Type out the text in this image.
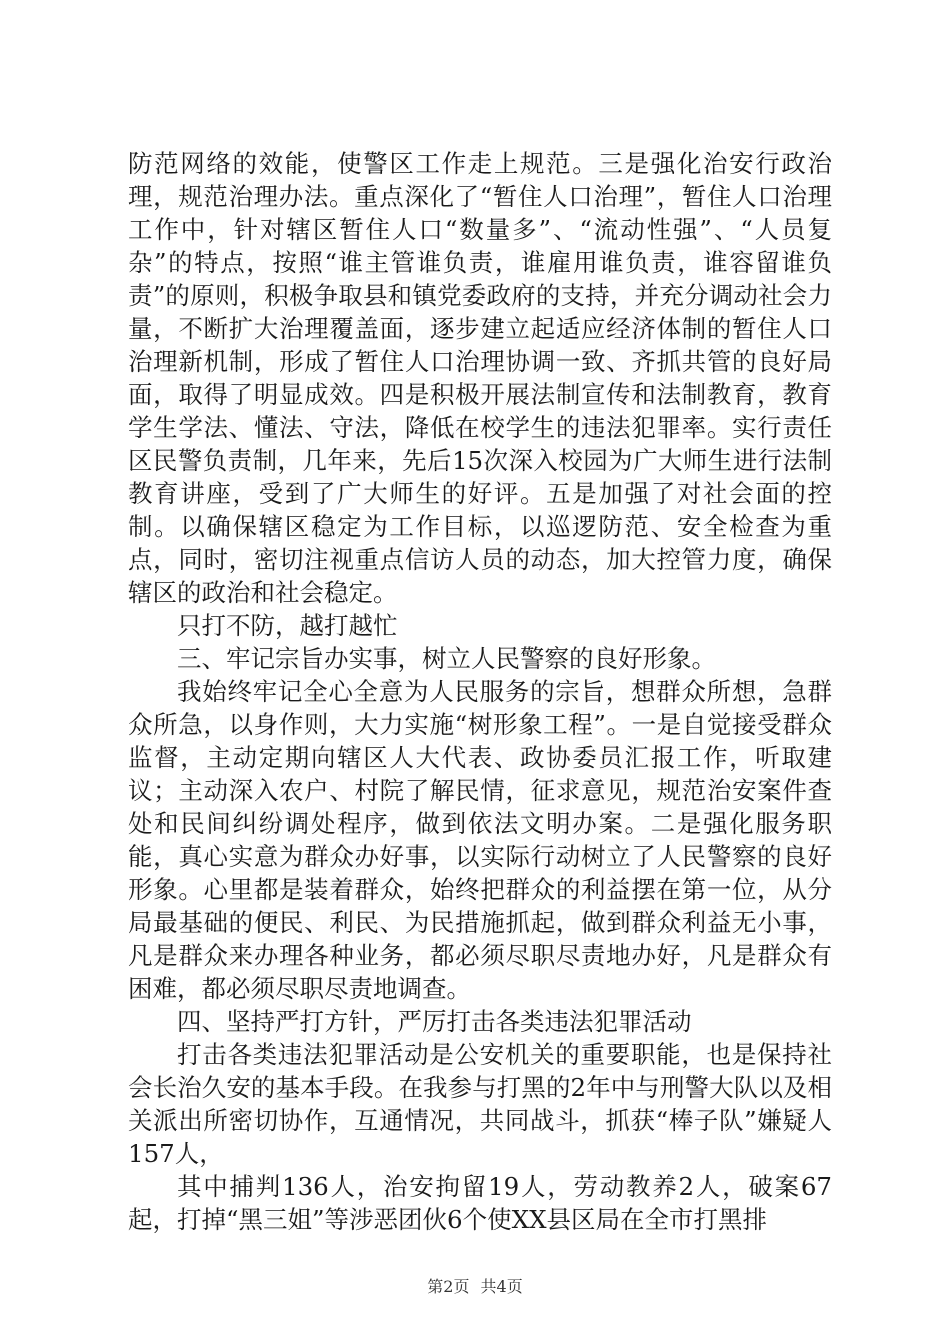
防范网络的效能，使警区工作走上规范。三是强化治安行政治理，规范治理办法。重点深化了“暂住人口治理”，暂住人口治理工作中，针对辖区暂住人口“数量多”、“流动性强”、“人员复杂”的特点，按照“谁主管谁负责，谁雇用谁负责，谁容留谁负责”的原则，积极争取县和镇党委政府的支持，并充分调动社会力量，不断扩大治理覆盖面，逐步建立起适应经济体制的暂住人口治理新机制，形成了暂住人口治理协调一致、齐抓共管的良好局面，取得了明显成效。四是积极开展法制宣传和法制教育，教育学生学法、懂法、守法，降低在校学生的违法犯罪率。实行责任区民警负责制，几年来，先后15次深入校园为广大师生进行法制教育讲座，受到了广大师生的好评。五是加强了对社会面的控制。以确保辖区稳定为工作目标，以巡逻防范、安全检查为重点，同时，密切注视重点信访人员的动态，加大控管力度，确保辖区的政治和社会稳定。

只打不防，越打越忙

三、牢记宗旨办实事，树立人民警察的良好形象。

我始终牢记全心全意为人民服务的宗旨，想群众所想，急群众所急，以身作则，大力实施“树形象工程”。一是自觉接受群众监督，主动定期向辖区人大代表、政协委员汇报工作，听取建议；主动深入农户、村院了解民情，征求意见，规范治安案件查处和民间纠纷调处程序，做到依法文明办案。二是强化服务职能，真心实意为群众办好事，以实际行动树立了人民警察的良好形象。心里都是装着群众，始终把群众的利益摆在第一位，从分局最基础的便民、利民、为民措施抓起，做到群众利益无小事，凡是群众来办理各种业务，都必须尽职尽责地办好，凡是群众有困难，都必须尽职尽责地调查。

四、坚持严打方针，严厉打击各类违法犯罪活动

打击各类违法犯罪活动是公安机关的重要职能，也是保持社会长治久安的基本手段。在我参与打黑的2年中与刑警大队以及相关派出所密切协作，互通情况，共同战斗，抓获“棒子队”嫌疑人157人，

其中捕判136人，治安拘留19人，劳动教养2人，破案67起，打掉“黑三姐”等涉恶团伙6个使XX县区局在全市打黑排

第2页 共4页
